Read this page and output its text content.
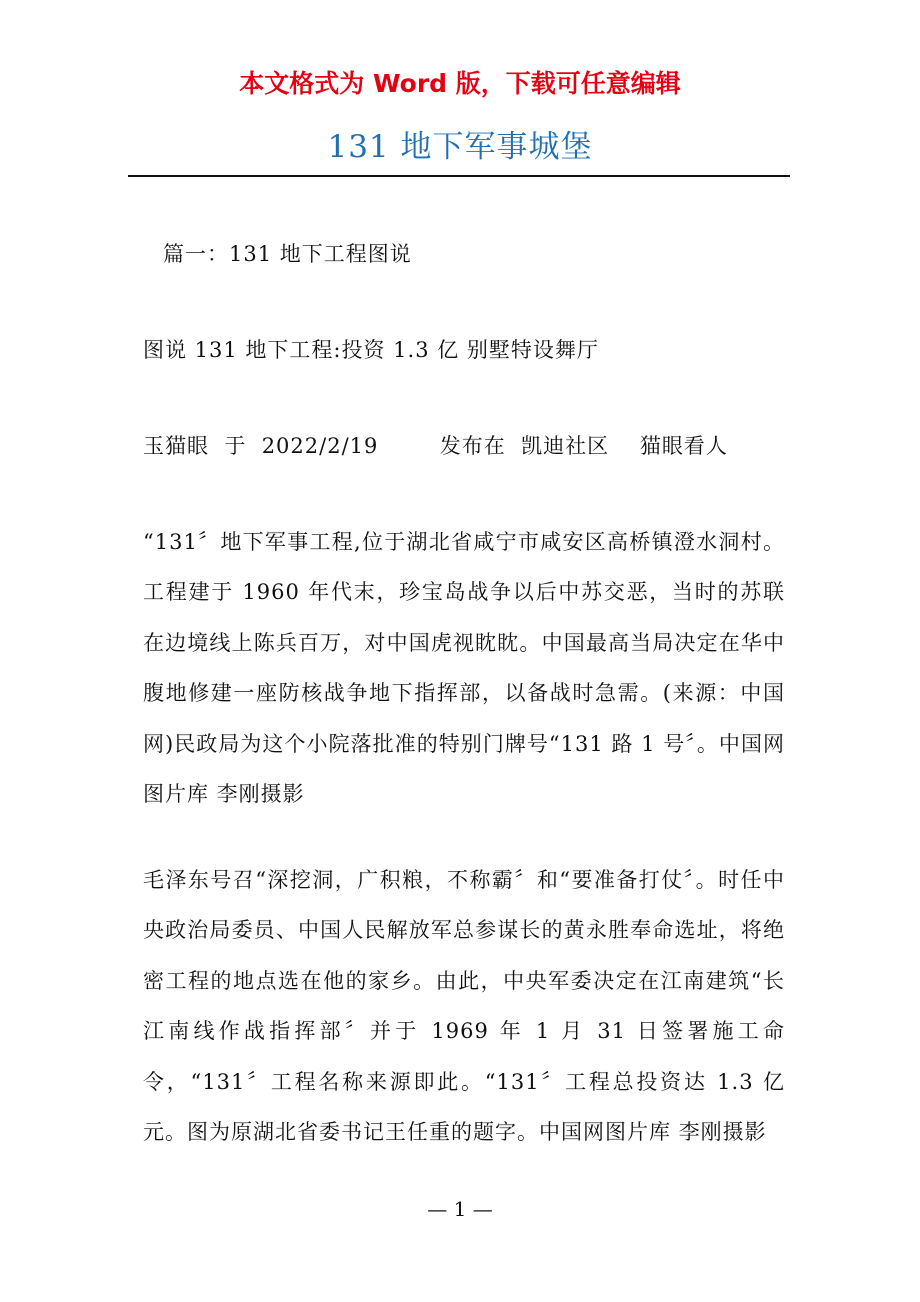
本文格式为 Word 版，下载可任意编辑
131 地下军事城堡
篇一：131 地下工程图说
图说 131 地下工程:投资 1.3 亿 别墅特设舞厅
玉猫眼  于  2022/2/19        发布在  凯迪社区    猫眼看人
“131〞地下军事工程,位于湖北省咸宁市咸安区高桥镇澄水洞村。工程建于 1960 年代末，珍宝岛战争以后中苏交恶，当时的苏联在边境线上陈兵百万，对中国虎视眈眈。中国最高当局决定在华中腹地修建一座防核战争地下指挥部，以备战时急需。(来源：中国网)民政局为这个小院落批准的特别门牌号“131 路 1 号〞。中国网图片库 李刚摄影
毛泽东号召“深挖洞，广积粮，不称霸〞和“要准备打仗〞。时任中央政治局委员、中国人民解放军总参谋长的黄永胜奉命选址，将绝密工程的地点选在他的家乡。由此，中央军委决定在江南建筑“长江南线作战指挥部〞并于 1969 年 1 月 31 日签署施工命令，“131〞工程名称来源即此。“131〞工程总投资达 1.3 亿元。图为原湖北省委书记王任重的题字。中国网图片库 李刚摄影
— 1 —
